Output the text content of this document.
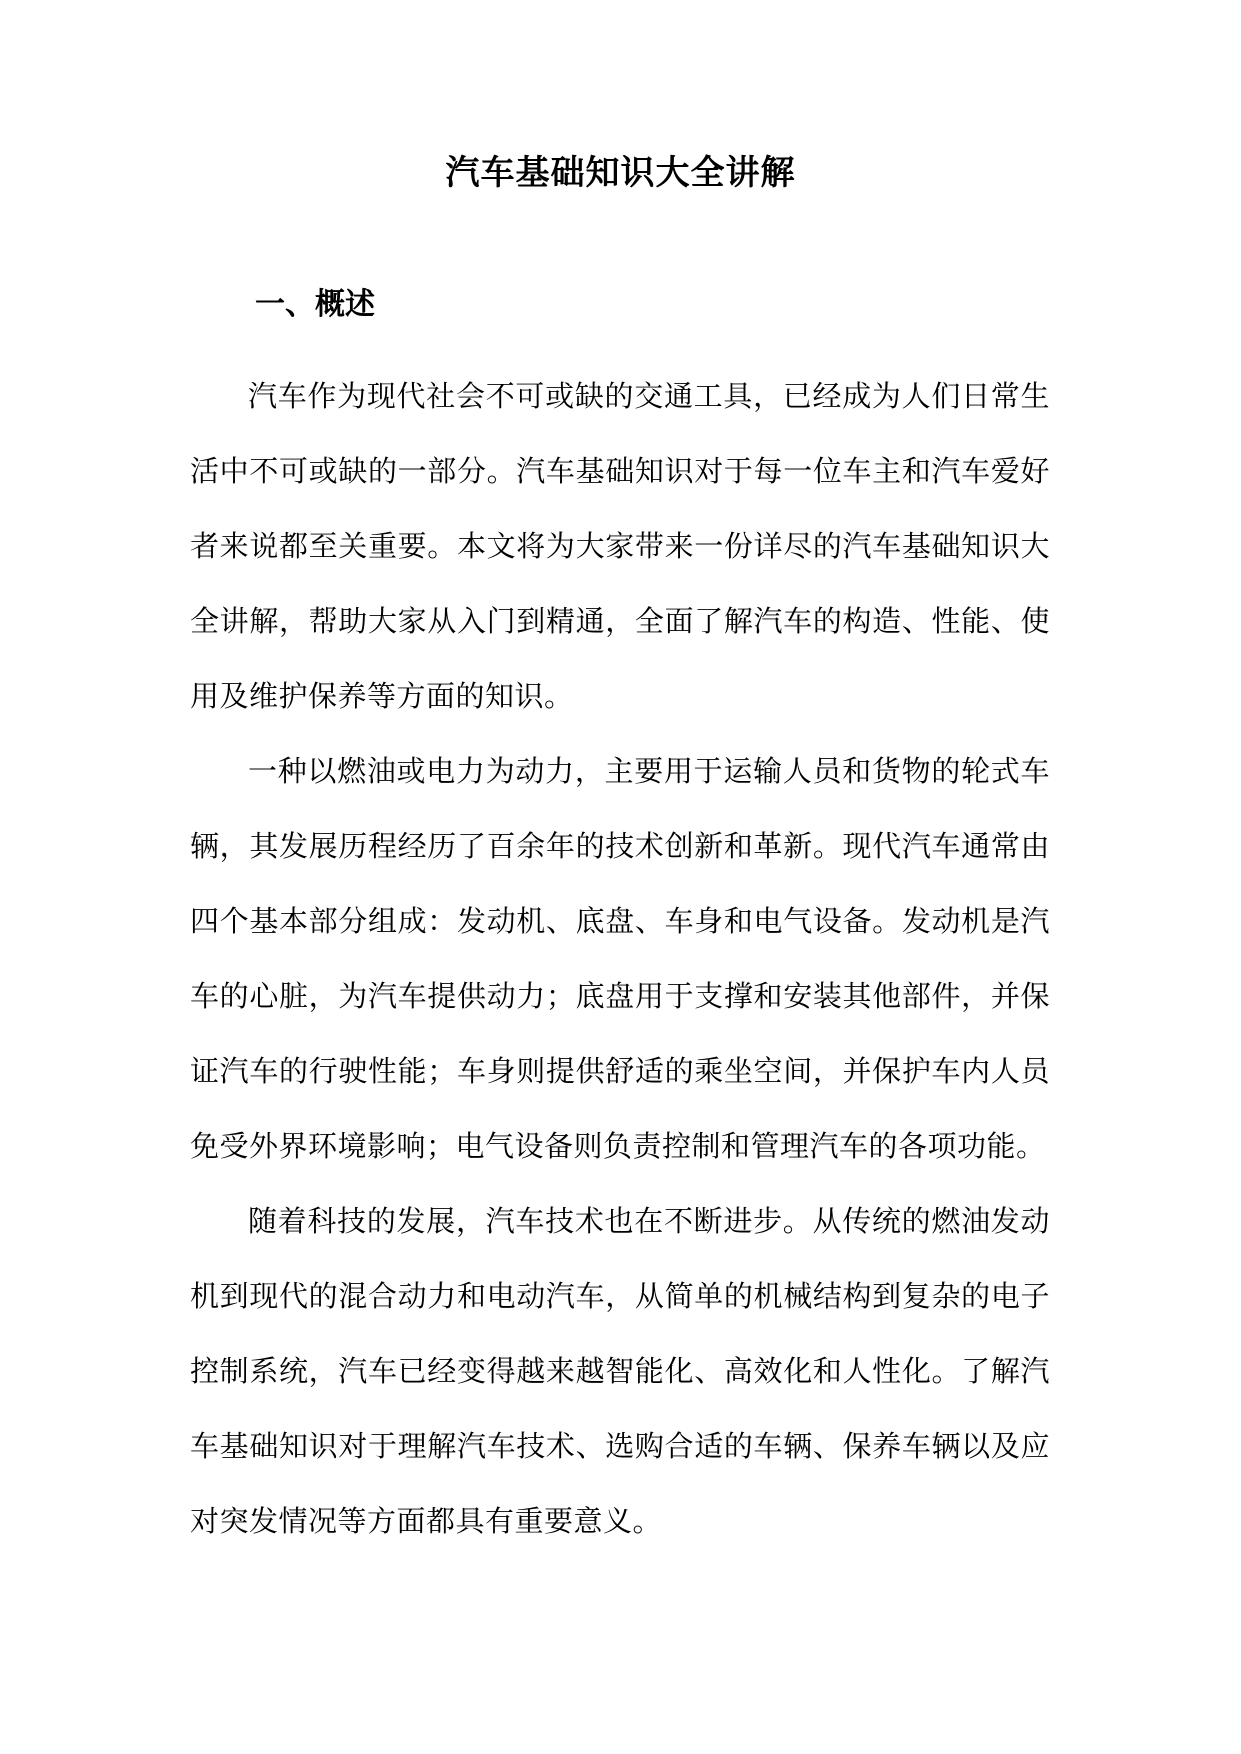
汽车基础知识大全讲解
一、概述

汽车作为现代社会不可或缺的交通工具，已经成为人们日常生活中不可或缺的一部分。汽车基础知识对于每一位车主和汽车爱好者来说都至关重要。本文将为大家带来一份详尽的汽车基础知识大全讲解，帮助大家从入门到精通，全面了解汽车的构造、性能、使用及维护保养等方面的知识。

一种以燃油或电力为动力，主要用于运输人员和货物的轮式车辆，其发展历程经历了百余年的技术创新和革新。现代汽车通常由四个基本部分组成：发动机、底盘、车身和电气设备。发动机是汽车的心脏，为汽车提供动力；底盘用于支撑和安装其他部件，并保证汽车的行驶性能；车身则提供舒适的乘坐空间，并保护车内人员免受外界环境影响；电气设备则负责控制和管理汽车的各项功能。

随着科技的发展，汽车技术也在不断进步。从传统的燃油发动机到现代的混合动力和电动汽车，从简单的机械结构到复杂的电子控制系统，汽车已经变得越来越智能化、高效化和人性化。了解汽车基础知识对于理解汽车技术、选购合适的车辆、保养车辆以及应对突发情况等方面都具有重要意义。
